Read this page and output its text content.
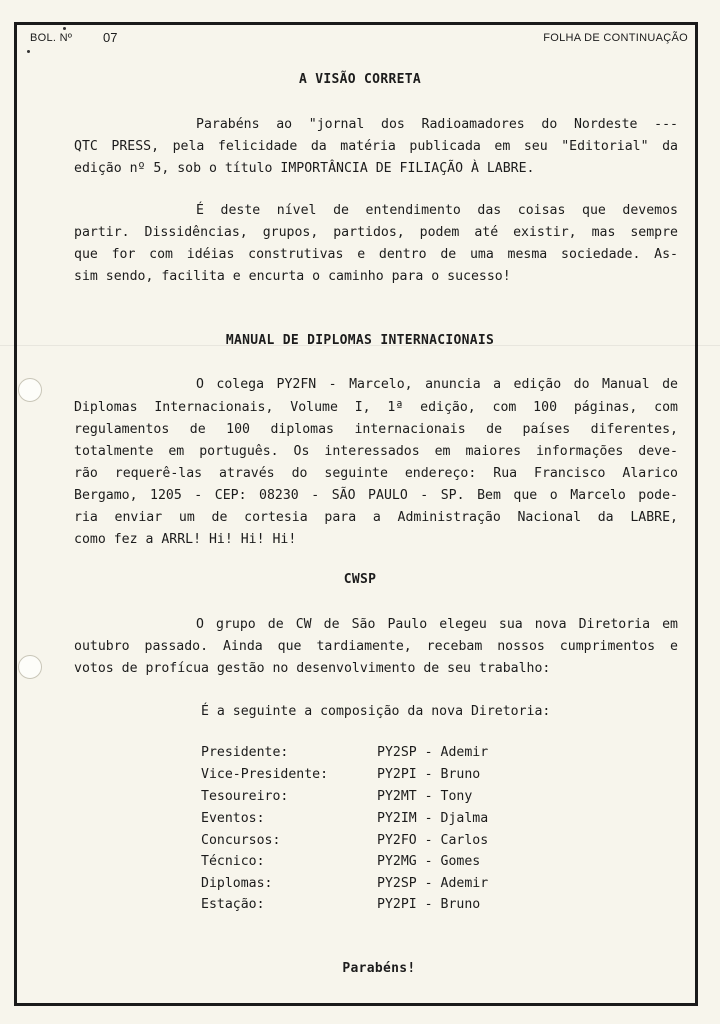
BOL. Nº 07	FOLHA DE CONTINUAÇÃO
A VISÃO CORRETA
Parabéns ao "jornal dos Radioamadores do Nordeste ---
QTC PRESS, pela felicidade da matéria publicada em seu "Editorial" da
edição nº 5, sob o título IMPORTÂNCIA DE FILIAÇÃO À LABRE.
É deste nível de entendimento das coisas que devemos
partir. Dissidências, grupos, partidos, podem até existir, mas sempre
que for com idéias construtivas e dentro de uma mesma sociedade. As-
sim sendo, facilita e encurta o caminho para o sucesso!
MANUAL DE DIPLOMAS INTERNACIONAIS
O colega PY2FN - Marcelo, anuncia a edição do Manual de
Diplomas Internacionais, Volume I, 1ª edição, com 100 páginas, com
regulamentos de 100 diplomas internacionais de países diferentes,
totalmente em português. Os interessados em maiores informações deve-
rão requerê-las através do seguinte endereço: Rua Francisco Alarico
Bergamo, 1205 - CEP: 08230 - SÃO PAULO - SP. Bem que o Marcelo pode-
ria enviar um de cortesia para a Administração Nacional da LABRE,
como fez a ARRL! Hi! Hi! Hi!
CWSP
O grupo de CW de São Paulo elegeu sua nova Diretoria em
outubro passado. Ainda que tardiamente, recebam nossos cumprimentos e
votos de profícua gestão no desenvolvimento de seu trabalho:
É a seguinte a composição da nova Diretoria:
Presidente:	PY2SP - Ademir
Vice-Presidente:	PY2PI - Bruno
Tesoureiro:	PY2MT - Tony
Eventos:	PY2IM - Djalma
Concursos:	PY2FO - Carlos
Técnico:	PY2MG - Gomes
Diplomas:	PY2SP - Ademir
Estação:	PY2PI - Bruno
Parabéns!
